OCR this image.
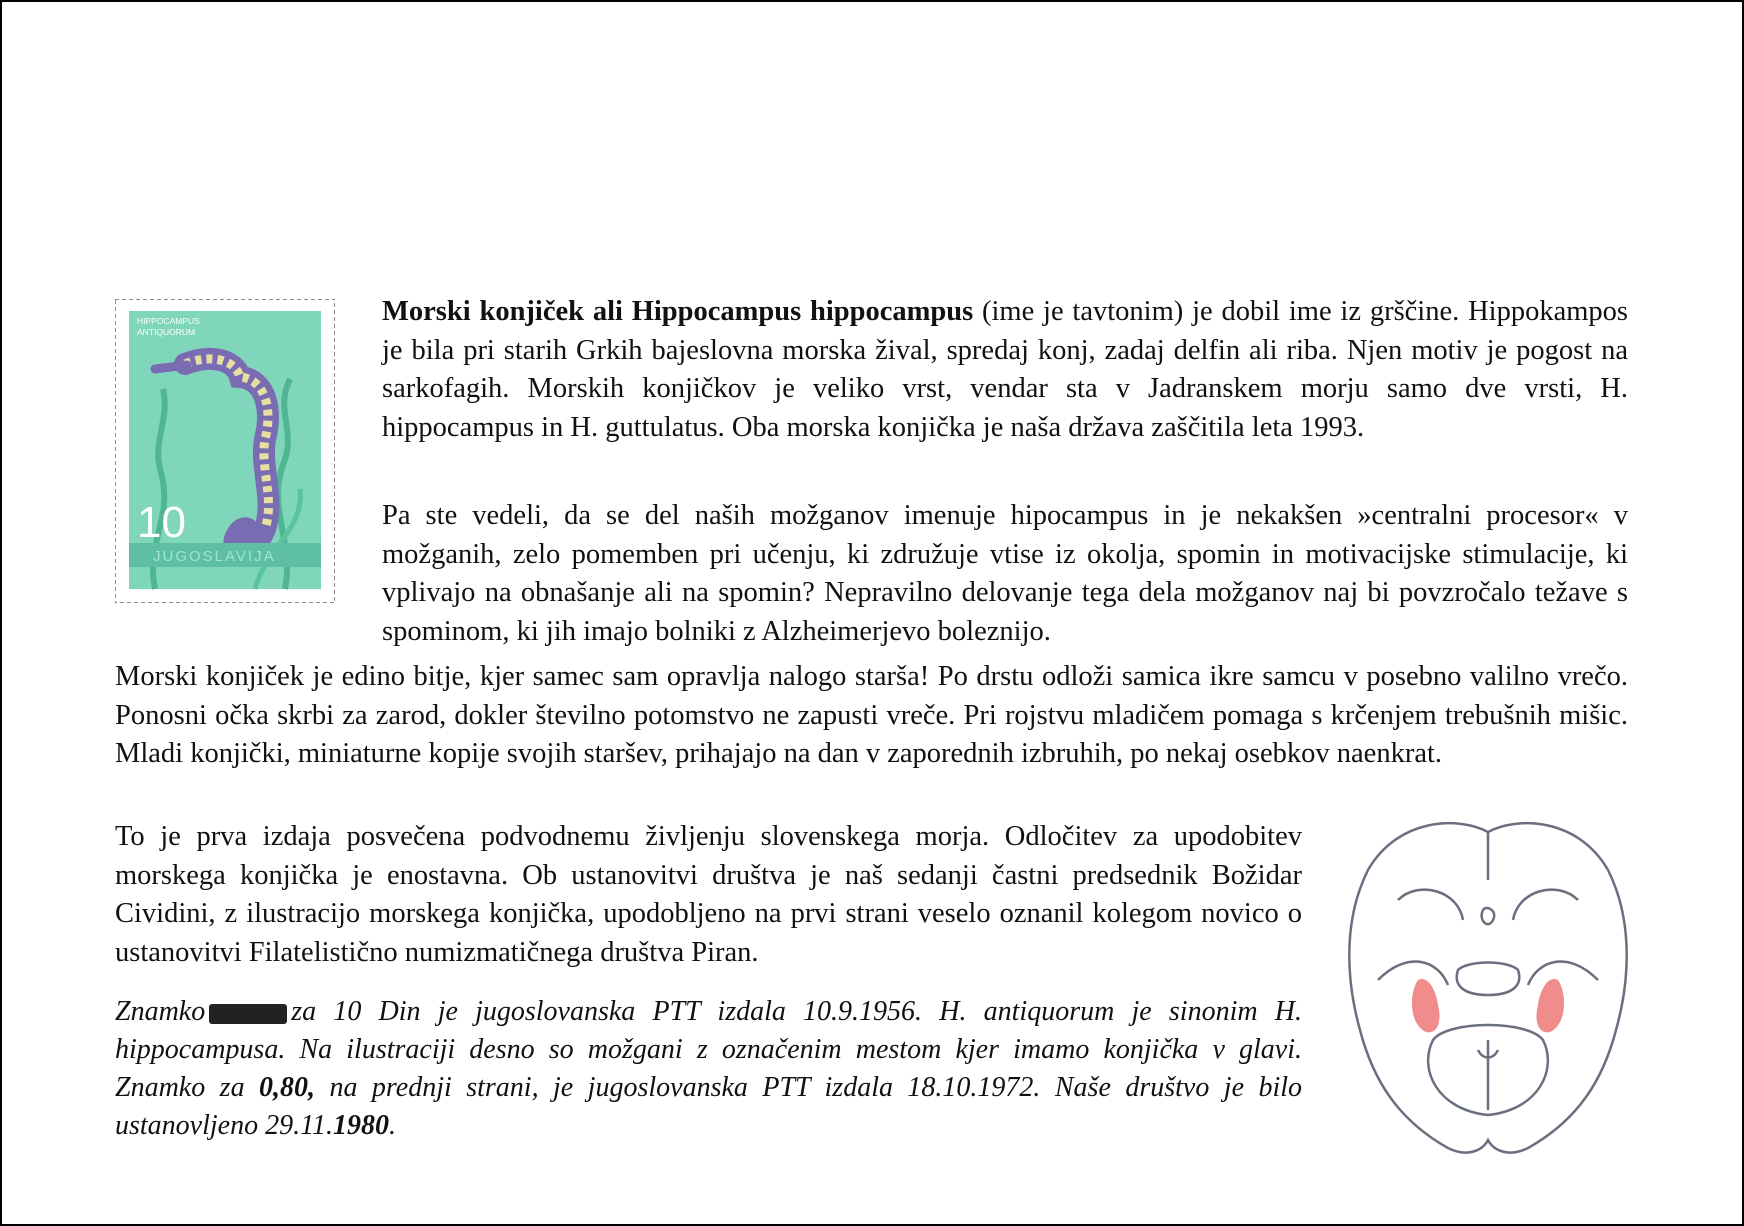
HIPPOCAMPUS
ANTIQUORUM
10
JUGOSLAVIJA

Morski konjiček ali Hippocampus hippocampus (ime je tavtonim) je dobil ime iz grščine. Hippokampos je bila pri starih Grkih bajeslovna morska žival, spredaj konj, zadaj delfin ali riba. Njen motiv je pogost na sarkofagih. Morskih konjičkov je veliko vrst, vendar sta v Jadranskem morju samo dve vrsti, H. hippocampus in H. guttulatus. Oba morska konjička je naša država zaščitila leta 1993.

Pa ste vedeli, da se del naših možganov imenuje hipocampus in je nekakšen »centralni procesor« v možganih, zelo pomemben pri učenju, ki združuje vtise iz okolja, spomin in motivacijske stimulacije, ki vplivajo na obnašanje ali na spomin? Nepravilno delovanje tega dela možganov naj bi povzročalo težave s spominom, ki jih imajo bolniki z Alzheimerjevo boleznijo.

Morski konjiček je edino bitje, kjer samec sam opravlja nalogo starša! Po drstu odloži samica ikre samcu v posebno valilno vrečo. Ponosni očka skrbi za zarod, dokler številno potomstvo ne zapusti vreče. Pri rojstvu mladičem pomaga s krčenjem trebušnih mišic. Mladi konjički, miniaturne kopije svojih staršev, prihajajo na dan v zaporednih izbruhih, po nekaj osebkov naenkrat.

To je prva izdaja posvečena podvodnemu življenju slovenskega morja. Odločitev za upodobitev morskega konjička je enostavna. Ob ustanovitvi društva je naš sedanji častni predsednik Božidar Cividini, z ilustracijo morskega konjička, upodobljeno na prvi strani veselo oznanil kolegom novico o ustanovitvi Filatelistično numizmatičnega društva Piran.

Znamko	za 10 Din je jugoslovanska PTT izdala 10.9.1956. H. antiquorum je sinonim H. hippocampusa. Na ilustraciji desno so možgani z označenim mestom kjer imamo konjička v glavi. Znamko za 0,80, na prednji strani, je jugoslovanska PTT izdala 18.10.1972. Naše društvo je bilo ustanovljeno 29.11.1980.
